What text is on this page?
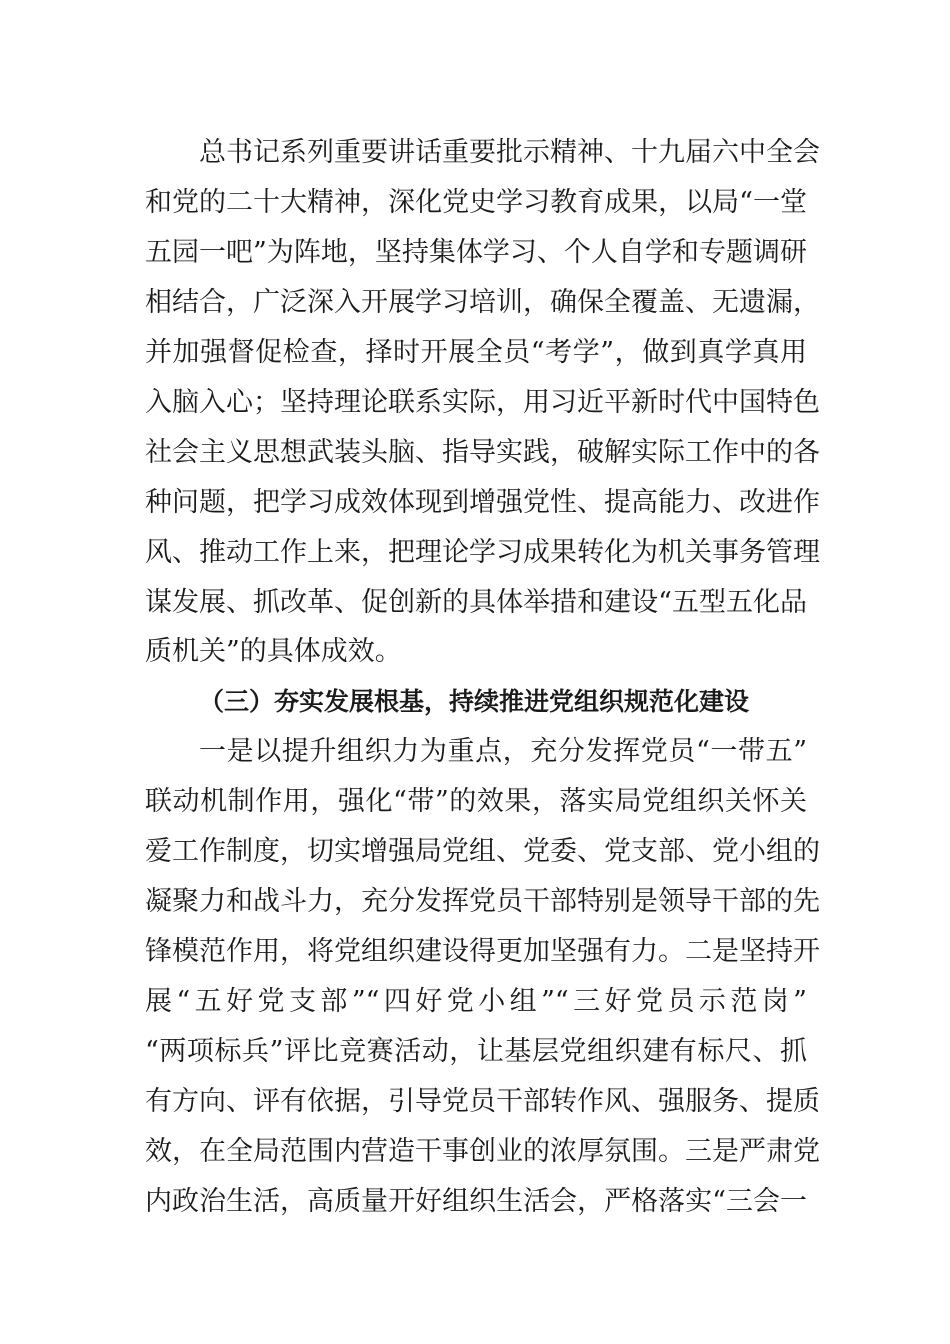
总书记系列重要讲话重要批示精神、十九届六中全会
和党的二十大精神，深化党史学习教育成果，以局“一堂
五园一吧”为阵地，坚持集体学习、个人自学和专题调研
相结合，广泛深入开展学习培训，确保全覆盖、无遗漏，
并加强督促检查，择时开展全员“考学”，做到真学真用
入脑入心；坚持理论联系实际，用习近平新时代中国特色
社会主义思想武装头脑、指导实践，破解实际工作中的各
种问题，把学习成效体现到增强党性、提高能力、改进作
风、推动工作上来，把理论学习成果转化为机关事务管理
谋发展、抓改革、促创新的具体举措和建设“五型五化品
质机关”的具体成效。
（三）夯实发展根基，持续推进党组织规范化建设
一是以提升组织力为重点，充分发挥党员“一带五”
联动机制作用，强化“带”的效果，落实局党组织关怀关
爱工作制度，切实增强局党组、党委、党支部、党小组的
凝聚力和战斗力，充分发挥党员干部特别是领导干部的先
锋模范作用，将党组织建设得更加坚强有力。二是坚持开
展“五好党支部”“四好党小组”“三好党员示范岗”
“两项标兵”评比竞赛活动，让基层党组织建有标尺、抓
有方向、评有依据，引导党员干部转作风、强服务、提质
效，在全局范围内营造干事创业的浓厚氛围。三是严肃党
内政治生活，高质量开好组织生活会，严格落实“三会一
